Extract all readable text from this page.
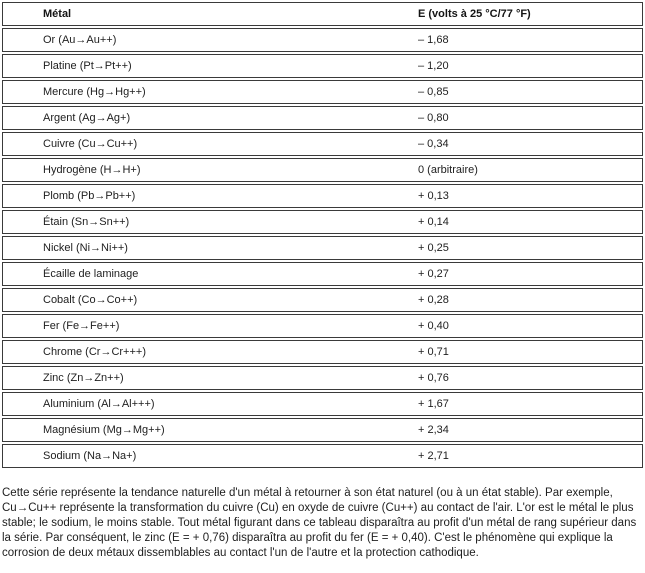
Métal	E (volts à 25 °C/77 °F)
Or (Au→Au++)	– 1,68
Platine (Pt→Pt++)	– 1,20
Mercure (Hg→Hg++)	– 0,85
Argent (Ag→Ag+)	– 0,80
Cuivre (Cu→Cu++)	– 0,34
Hydrogène (H→H+)	0 (arbitraire)
Plomb (Pb→Pb++)	+ 0,13
Étain (Sn→Sn++)	+ 0,14
Nickel (Ni→Ni++)	+ 0,25
Écaille de laminage	+ 0,27
Cobalt (Co→Co++)	+ 0,28
Fer (Fe→Fe++)	+ 0,40
Chrome (Cr→Cr+++)	+ 0,71
Zinc (Zn→Zn++)	+ 0,76
Aluminium (Al→Al+++)	+ 1,67
Magnésium (Mg→Mg++)	+ 2,34
Sodium (Na→Na+)	+ 2,71

Cette série représente la tendance naturelle d'un métal à retourner à son état naturel (ou à un état stable). Par exemple, Cu→Cu++ représente la transformation du cuivre (Cu) en oxyde de cuivre (Cu++) au contact de l'air. L'or est le métal le plus stable; le sodium, le moins stable. Tout métal figurant dans ce tableau disparaîtra au profit d'un métal de rang supérieur dans la série. Par conséquent, le zinc (E = + 0,76) disparaîtra au profit du fer (E = + 0,40). C'est le phénomène qui explique la corrosion de deux métaux dissemblables au contact l'un de l'autre et la protection cathodique.
